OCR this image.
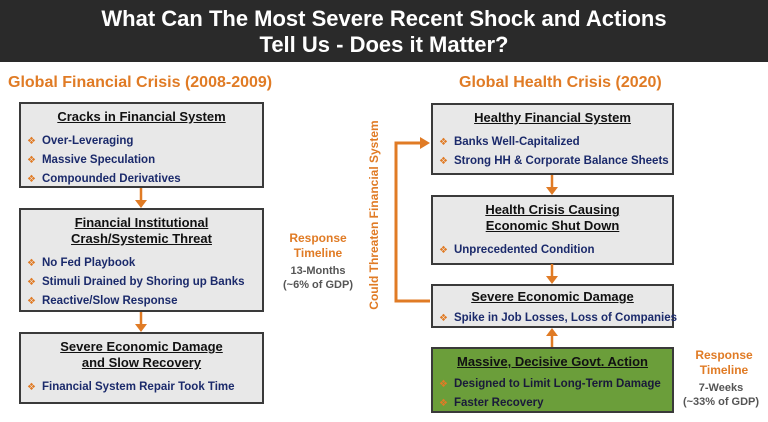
What Can The Most Severe Recent Shock and Actions
Tell Us - Does it Matter?
Global Financial Crisis (2008-2009)	Global Health Crisis (2020)
Cracks in Financial System
❖ Over-Leveraging
❖ Massive Speculation
❖ Compounded Derivatives
Financial Institutional
Crash/Systemic Threat
❖ No Fed Playbook
❖ Stimuli Drained by Shoring up Banks
❖ Reactive/Slow Response
Severe Economic Damage
and Slow Recovery
❖ Financial System Repair Took Time
Response
Timeline
13-Months
(~6% of GDP)	Could Threaten Financial System
Healthy Financial System
❖ Banks Well-Capitalized
❖ Strong HH & Corporate Balance Sheets
Health Crisis Causing
Economic Shut Down
❖ Unprecedented Condition
Severe Economic Damage
❖ Spike in Job Losses, Loss of Companies
Massive, Decisive Govt. Action
❖ Designed to Limit Long-Term Damage
❖ Faster Recovery
Response
Timeline
7-Weeks
(~33% of GDP)
